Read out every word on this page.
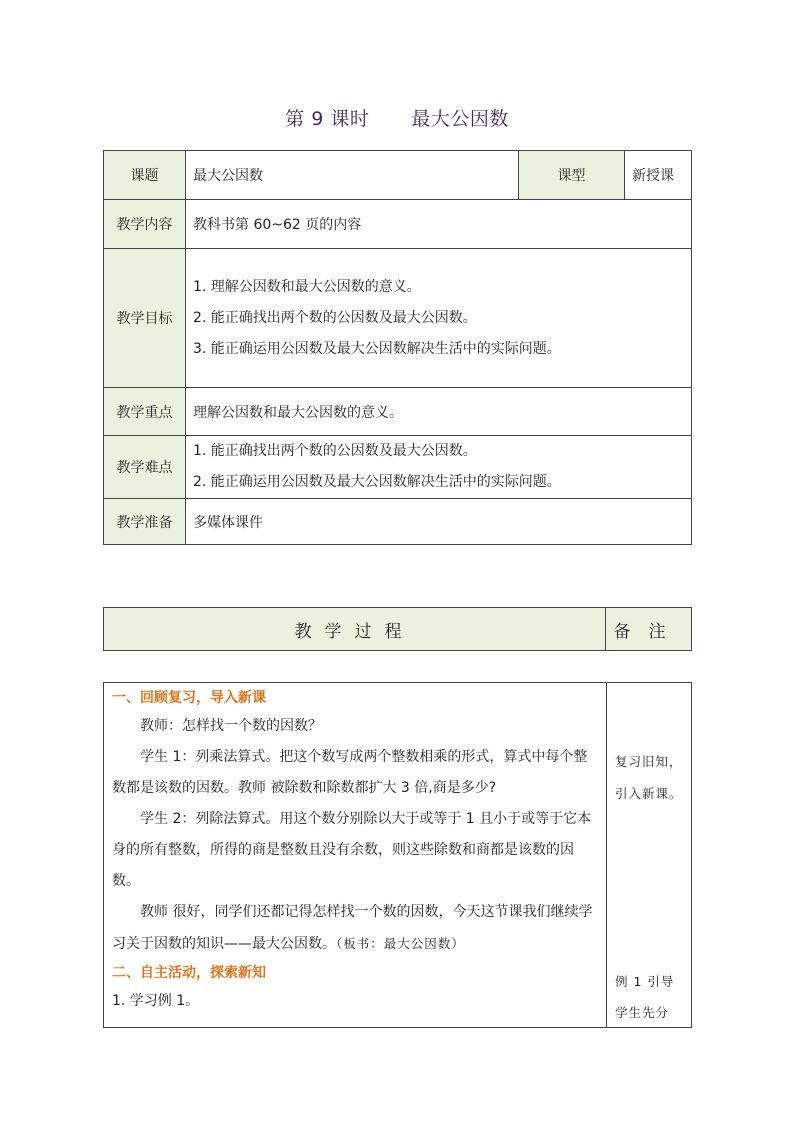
第 9 课时 最大公因数
课题	最大公因数	课型	新授课
教学内容	教科书第 60~62 页的内容		
教学目标	1. 理解公因数和最大公因数的意义。
2. 能正确找出两个数的公因数及最大公因数。
3. 能正确运用公因数及最大公因数解决生活中的实际问题。		

教学重点	理解公因数和最大公因数的意义。		
教学难点	1. 能正确找出两个数的公因数及最大公因数。
2. 能正确运用公因数及最大公因数解决生活中的实际问题。		

教学准备	多媒体课件		
教学过程	备注
一、回顾复习，导入新课
教师：怎样找一个数的因数？
学生 1：列乘法算式。把这个数写成两个整数相乘的形式，算式中每个整数都是该数的因数。教师 被除数和除数都扩大 3 倍,商是多少?
学生 2：列除法算式。用这个数分别除以大于或等于 1 且小于或等于它本身的所有整数，所得的商是整数且没有余数，则这些除数和商都是该数的因数。
教师 很好，同学们还都记得怎样找一个数的因数，今天这节课我们继续学习关于因数的知识——最大公因数。（板书：最大公因数）
二、自主活动，探索新知
1. 学习例 1。

复习旧知，引入新课。
例 1 引导学生先分
